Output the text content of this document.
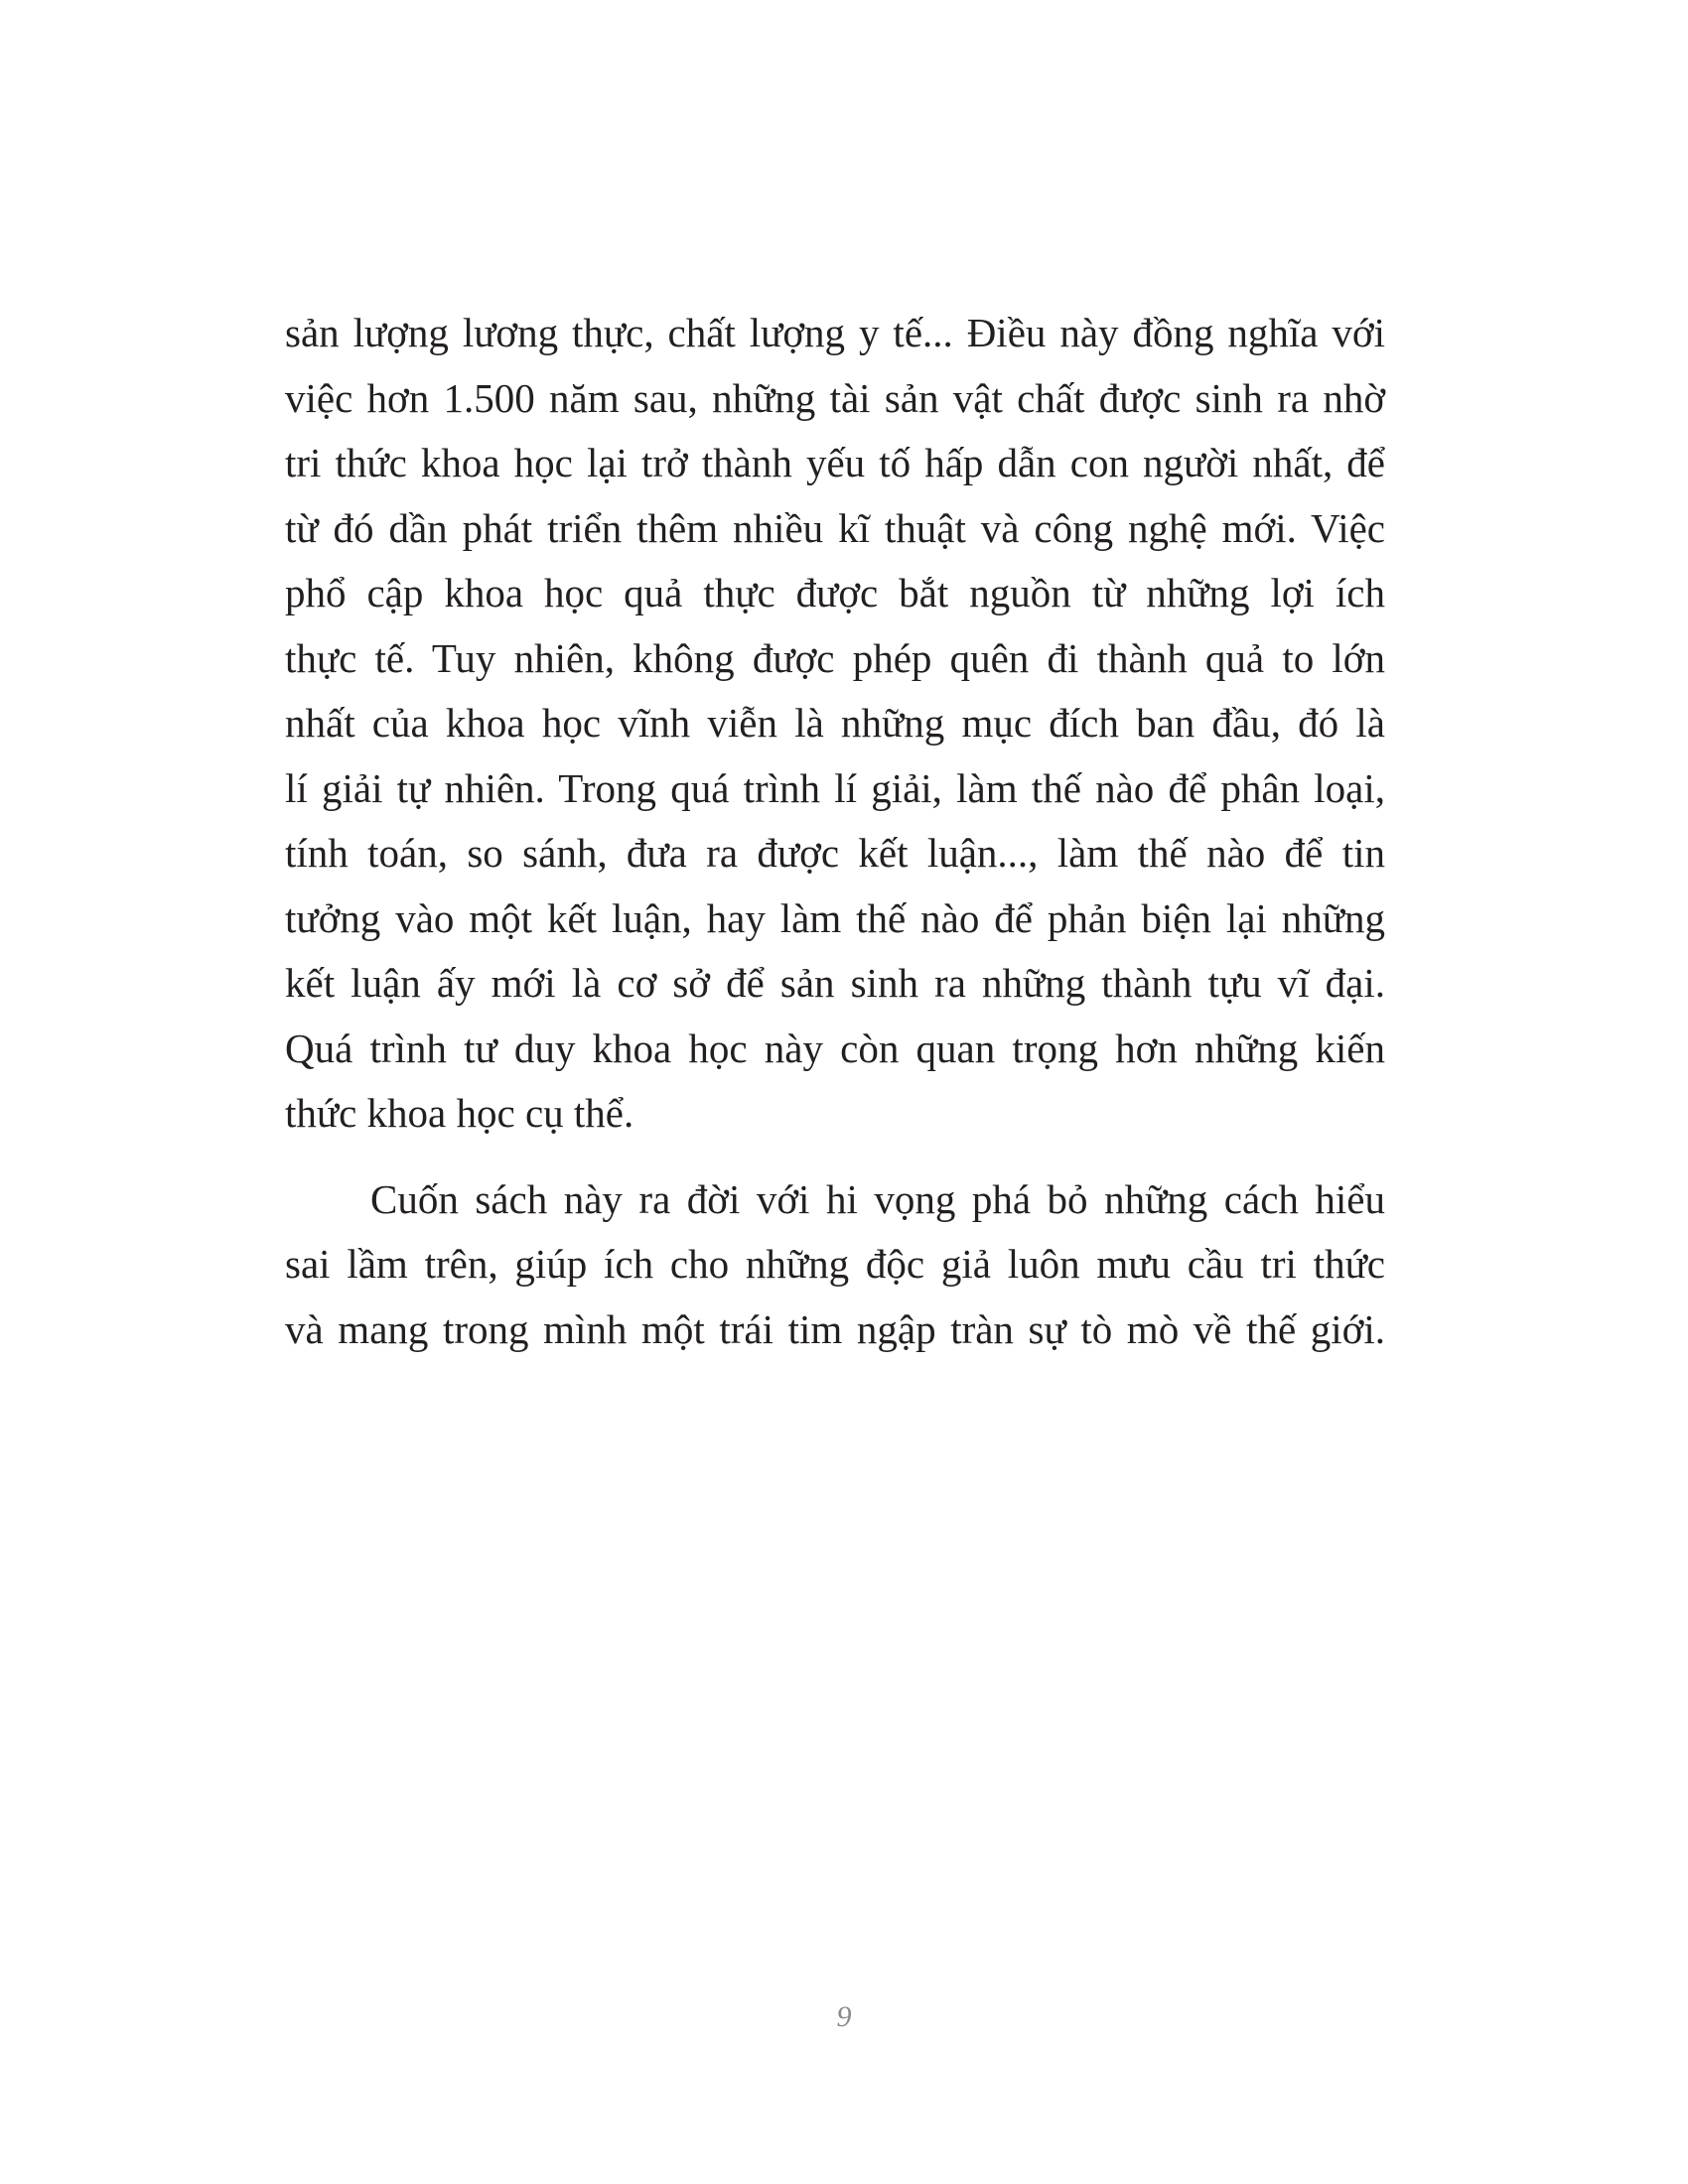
sản lượng lương thực, chất lượng y tế... Điều này đồng nghĩa với
việc hơn 1.500 năm sau, những tài sản vật chất được sinh ra nhờ
tri thức khoa học lại trở thành yếu tố hấp dẫn con người nhất, để
từ đó dần phát triển thêm nhiều kĩ thuật và công nghệ mới. Việc
phổ cập khoa học quả thực được bắt nguồn từ những lợi ích
thực tế. Tuy nhiên, không được phép quên đi thành quả to lớn
nhất của khoa học vĩnh viễn là những mục đích ban đầu, đó là
lí giải tự nhiên. Trong quá trình lí giải, làm thế nào để phân loại,
tính toán, so sánh, đưa ra được kết luận..., làm thế nào để tin
tưởng vào một kết luận, hay làm thế nào để phản biện lại những
kết luận ấy mới là cơ sở để sản sinh ra những thành tựu vĩ đại.
Quá trình tư duy khoa học này còn quan trọng hơn những kiến
thức khoa học cụ thể.
Cuốn sách này ra đời với hi vọng phá bỏ những cách hiểu
sai lầm trên, giúp ích cho những độc giả luôn mưu cầu tri thức
và mang trong mình một trái tim ngập tràn sự tò mò về thế giới.
9
